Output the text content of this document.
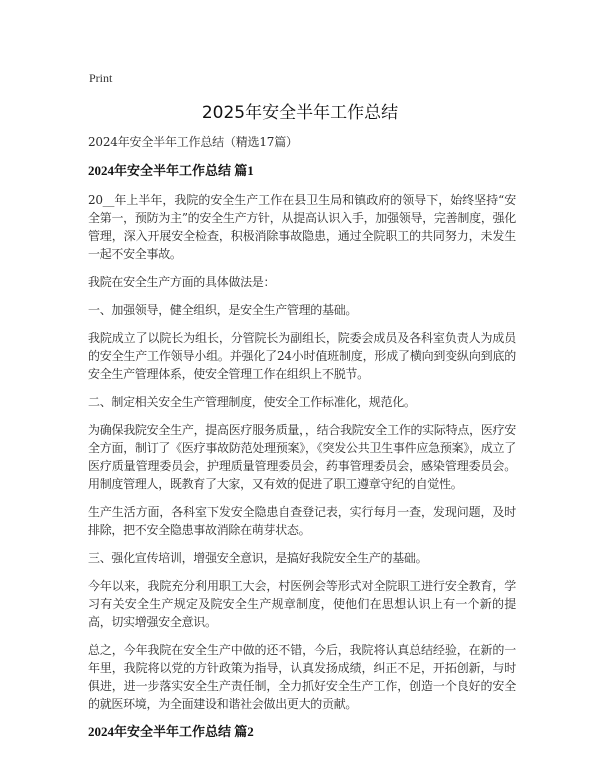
Print
2025年安全半年工作总结

2024年安全半年工作总结（精选17篇）

2024年安全半年工作总结 篇1

20__年上半年，我院的安全生产工作在县卫生局和镇政府的领导下，始终坚持“安全第一，预防为主”的安全生产方针，从提高认识入手，加强领导，完善制度，强化管理，深入开展安全检查，积极消除事故隐患，通过全院职工的共同努力，未发生一起不安全事故。

我院在安全生产方面的具体做法是：

一、加强领导，健全组织，是安全生产管理的基础。

我院成立了以院长为组长，分管院长为副组长，院委会成员及各科室负责人为成员的安全生产工作领导小组。并强化了24小时值班制度，形成了横向到变纵向到底的安全生产管理体系，使安全管理工作在组织上不脱节。

二、制定相关安全生产管理制度，使安全工作标准化，规范化。

为确保我院安全生产，提高医疗服务质量，，结合我院安全工作的实际特点，医疗安全方面，制订了《医疗事故防范处理预案》，《突发公共卫生事件应急预案》，成立了医疗质量管理委员会，护理质量管理委员会，药事管理委员会，感染管理委员会。用制度管理人，既教育了大家，又有效的促进了职工遵章守纪的自觉性。

生产生活方面，各科室下发安全隐患自查登记表，实行每月一查，发现问题，及时排除，把不安全隐患事故消除在萌芽状态。

三、强化宣传培训，增强安全意识，是搞好我院安全生产的基础。

今年以来，我院充分利用职工大会，村医例会等形式对全院职工进行安全教育，学习有关安全生产规定及院安全生产规章制度，使他们在思想认识上有一个新的提高，切实增强安全意识。

总之，今年我院在安全生产中做的还不错，今后，我院将认真总结经验，在新的一年里，我院将以党的方针政策为指导，认真发扬成绩，纠正不足，开拓创新，与时俱进，进一步落实安全生产责任制，全力抓好安全生产工作，创造一个良好的安全的就医环境，为全面建设和谐社会做出更大的贡献。

2024年安全半年工作总结 篇2
